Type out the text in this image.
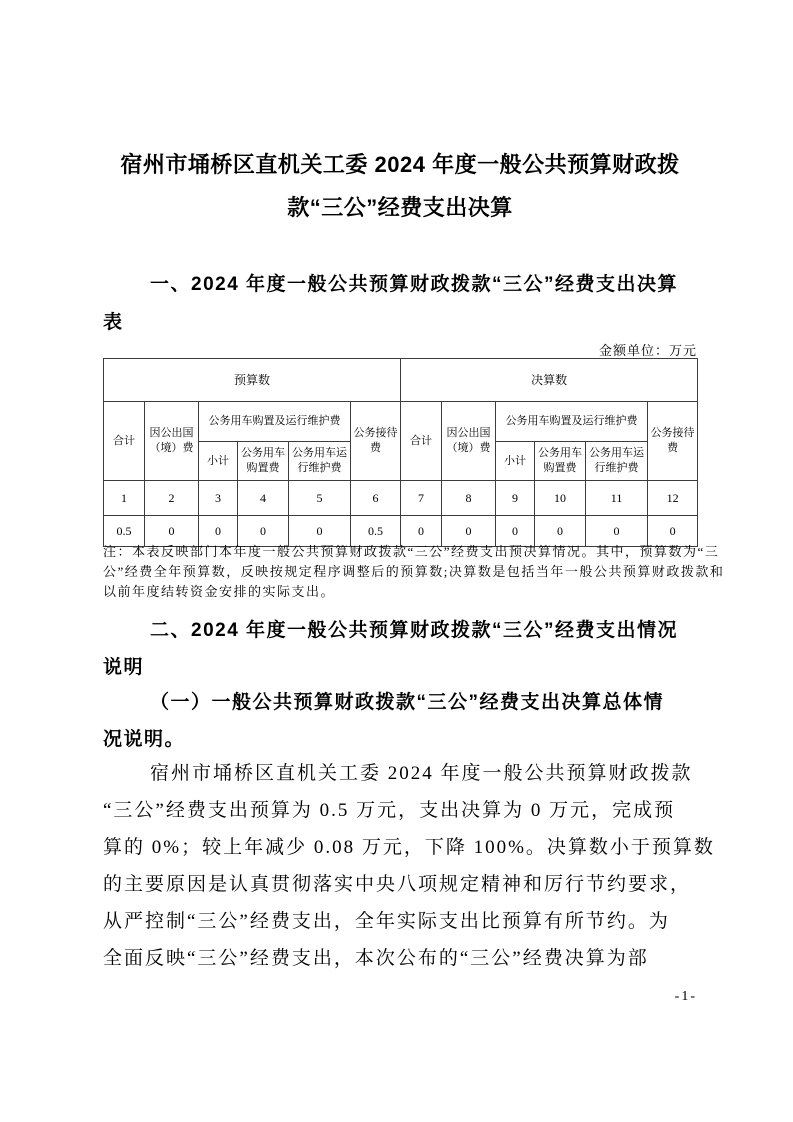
宿州市埇桥区直机关工委 2024 年度一般公共预算财政拨
款“三公”经费支出决算
一、2024 年度一般公共预算财政拨款“三公”经费支出决算
表
金额单位：万元
预算数						决算数					
合计	因公出国（境）费	公务用车购置及运行维护费			公务接待费	合计	因公出国（境）费	公务用车购置及运行维护费			公务接待费
		小计	公务用车购置费	公务用车运行维护费				小计	公务用车购置费	公务用车运行维护费	
1	2	3	4	5	6	7	8	9	10	11	12
0.5	0	0	0	0	0.5	0	0	0	0	0	0
注：本表反映部门本年度一般公共预算财政拨款“三公”经费支出预决算情况。其中，预算数为“三
公”经费全年预算数，反映按规定程序调整后的预算数;决算数是包括当年一般公共预算财政拨款和
以前年度结转资金安排的实际支出。
二、2024 年度一般公共预算财政拨款“三公”经费支出情况
说明
（一）一般公共预算财政拨款“三公”经费支出决算总体情
况说明。
宿州市埇桥区直机关工委 2024 年度一般公共预算财政拨款
“三公”经费支出预算为 0.5 万元，支出决算为 0 万元，完成预
算的 0%；较上年减少 0.08 万元，下降 100%。决算数小于预算数
的主要原因是认真贯彻落实中央八项规定精神和厉行节约要求，
从严控制“三公”经费支出，全年实际支出比预算有所节约。为
全面反映“三公”经费支出，本次公布的“三公”经费决算为部
-1-
